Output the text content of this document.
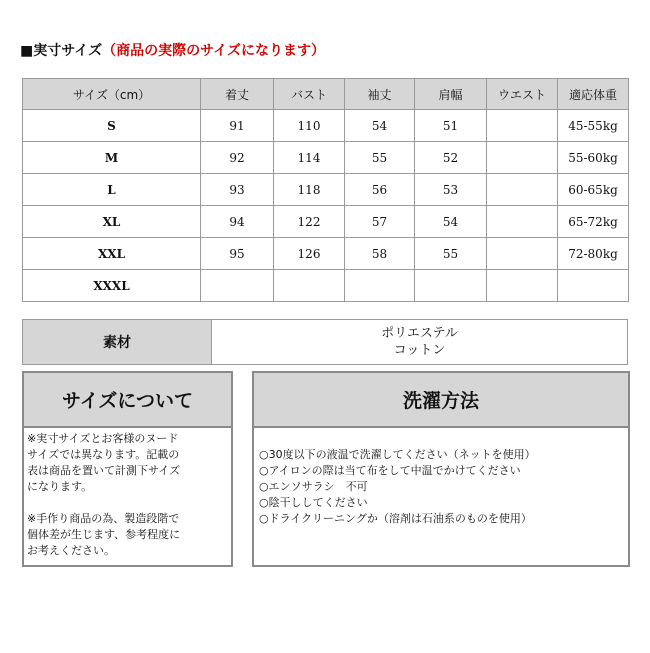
■実寸サイズ（商品の実際のサイズになります）
サイズ（cm）	着丈	バスト	袖丈	肩幅	ウエスト	適応体重
S	91	110	54	51		45-55kg
M	92	114	55	52		55-60kg
L	93	118	56	53		60-65kg
XL	94	122	57	54		65-72kg
XXL	95	126	58	55		72-80kg
XXXL						
素材
ポリエステル
コットン
サイズについて

※実寸サイズとお客様のヌード

サイズでは異なります。記載の

表は商品を置いて計測下サイズ

になります。

※手作り商品の為、製造段階で

個体差が生じます、参考程度に

お考えください。

洗濯方法
○30度以下の液温で洗濯してください（ネットを使用）
○アイロンの際は当て布をして中温でかけてください
○エンソサラシ　不可
○陰干ししてください
○ドライクリーニングか（溶剤は石油系のものを使用）
